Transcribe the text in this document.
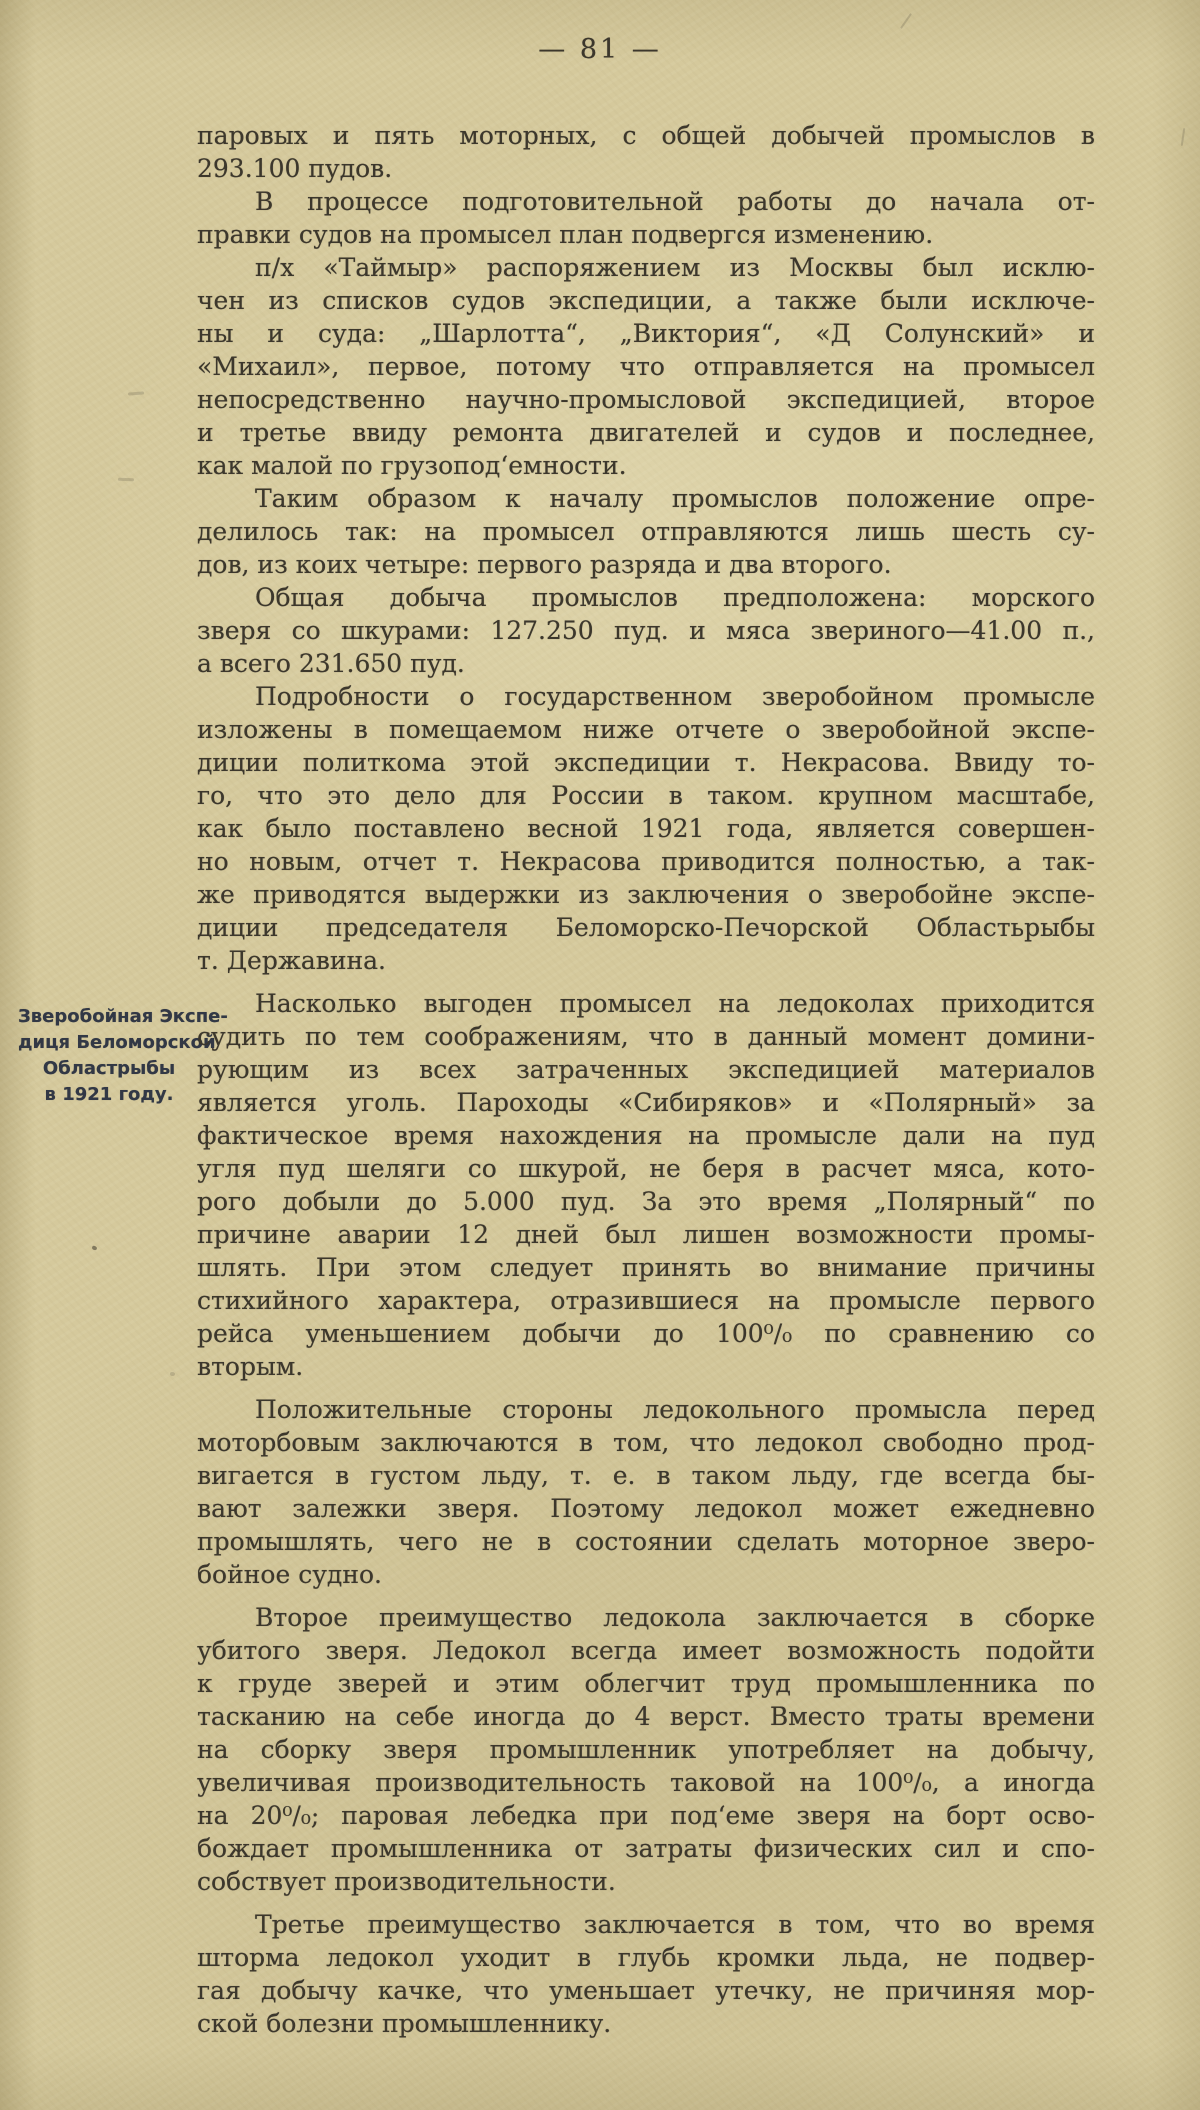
— 81 —
Зверобойная Экспе-
диця Беломорской
Областрыбы
в 1921 году.
паровых и пять моторных, с общей добычей промыслов в
293.100 пудов.
В процессе подготовительной работы до начала от-
правки судов на промысел план подвергся изменению.
п/х «Таймыр» распоряжением из Москвы был исклю-
чен из списков судов экспедиции, а также были исключе-
ны и суда: „Шарлотта“, „Виктория“, «Д Солунский» и
«Михаил», первое, потому что отправляется на промысел
непосредственно научно-промысловой экспедицией, второе
и третье ввиду ремонта двигателей и судов и последнее,
как малой по грузопод‘емности.
Таким образом к началу промыслов положение опре-
делилось так: на промысел отправляются лишь шесть су-
дов, из коих четыре: первого разряда и два второго.
Общая добыча промыслов предположена: морского
зверя со шкурами: 127.250 пуд. и мяса звериного—41.00 п.,
а всего 231.650 пуд.
Подробности о государственном зверобойном промысле
изложены в помещаемом ниже отчете о зверобойной экспе-
диции политкома этой экспедиции т. Некрасова. Ввиду то-
го, что это дело для России в таком. крупном масштабе,
как было поставлено весной 1921 года, является совершен-
но новым, отчет т. Некрасова приводится полностью, а так-
же приводятся выдержки из заключения о зверобойне экспе-
диции председателя Беломорско-Печорской Областьрыбы
т. Державина.
Насколько выгоден промысел на ледоколах приходится
судить по тем соображениям, что в данный момент домини-
рующим из всех затраченных экспедицией материалов
является уголь. Пароходы «Сибиряков» и «Полярный» за
фактическое время нахождения на промысле дали на пуд
угля пуд шеляги со шкурой, не беря в расчет мяса, кото-
рого добыли до 5.000 пуд. За это время „Полярный“ по
причине аварии 12 дней был лишен возможности промы-
шлять. При этом следует принять во внимание причины
стихийного характера, отразившиеся на промысле первого
рейса уменьшением добычи до 100⁰/₀ по сравнению со
вторым.
Положительные стороны ледокольного промысла перед
моторбовым заключаются в том, что ледокол свободно прод-
вигается в густом льду, т. е. в таком льду, где всегда бы-
вают залежки зверя. Поэтому ледокол может ежедневно
промышлять, чего не в состоянии сделать моторное зверо-
бойное судно.
Второе преимущество ледокола заключается в сборке
убитого зверя. Ледокол всегда имеет возможность подойти
к груде зверей и этим облегчит труд промышленника по
тасканию на себе иногда до 4 верст. Вместо траты времени
на сборку зверя промышленник употребляет на добычу,
увеличивая производительность таковой на 100⁰/₀, а иногда
на 20⁰/₀; паровая лебедка при под‘еме зверя на борт осво-
бождает промышленника от затраты физических сил и спо-
собствует производительности.
Третье преимущество заключается в том, что во время
шторма ледокол уходит в глубь кромки льда, не подвер-
гая добычу качке, что уменьшает утечку, не причиняя мор-
ской болезни промышленнику.
